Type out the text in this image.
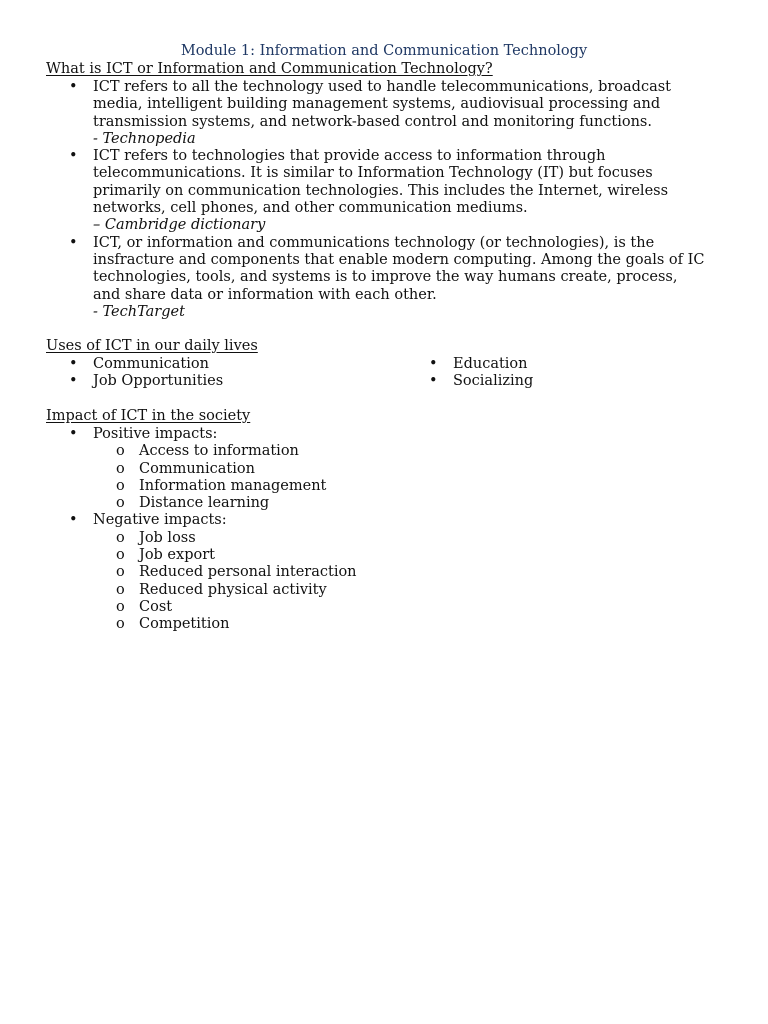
Module 1: Information and Communication Technology
What is ICT or Information and Communication Technology?
• ICT refers to all the technology used to handle telecommunications, broadcast
media, intelligent building management systems, audiovisual processing and
transmission systems, and network-based control and monitoring functions.
- Technopedia
• ICT refers to technologies that provide access to information through
telecommunications. It is similar to Information Technology (IT) but focuses
primarily on communication technologies. This includes the Internet, wireless
networks, cell phones, and other communication mediums.
– Cambridge dictionary
• ICT, or information and communications technology (or technologies), is the
insfracture and components that enable modern computing. Among the goals of IC
technologies, tools, and systems is to improve the way humans create, process,
and share data or information with each other.
- TechTarget
Uses of ICT in our daily lives
• Communication
• Job Opportunities
• Education
• Socializing
Impact of ICT in the society
• Positive impacts:
o Access to information
o Communication
o Information management
o Distance learning
• Negative impacts:
o Job loss
o Job export
o Reduced personal interaction
o Reduced physical activity
o Cost
o Competition
